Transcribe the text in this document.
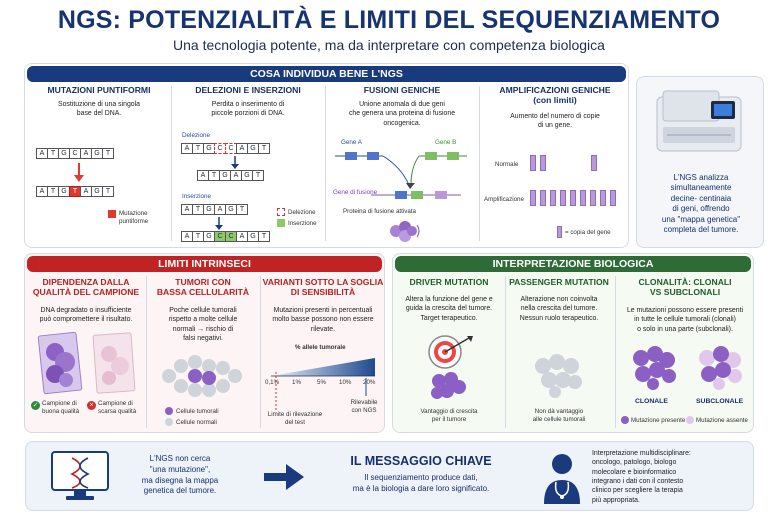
NGS: POTENZIALITÀ E LIMITI DEL SEQUENZIAMENTO
Una tecnologia potente, ma da interpretare con competenza biologica
COSA INDIVIDUA BENE L'NGS
MUTAZIONI PUNTIFORMI
Sostituzione di una singola
base del DNA.
A T G C A G T
A T G T A G T
Mutazione
puntiforme
DELEZIONI E INSERZIONI
Perdita o inserimento di
piccole porzioni di DNA.
Delezione
A T G C C A G T
A T G A G T
Inserzione
A T G A G T
A T G C C A G T
Delezione
Inserzione
FUSIONI GENICHE
Unione anomala di due geni
che genera una proteina di fusione
oncogenica.
Gene A	Gene B
Gene di fusione
Proteina di fusione attivata
AMPLIFICAZIONI GENICHE
(con limiti)
Aumento del numero di copie
di un gene.
Normale
Amplificazione
= copia del gene
L'NGS analizza
simultaneamente
decine- centinaia
di geni, offrendo
una "mappa genetica"
completa del tumore.
LIMITI INTRINSECI
DIPENDENZA DALLA
QUALITÀ DEL CAMPIONE
DNA degradato o insufficiente
può compromettere il risultato.
✓ Campione di
buona qualità
× Campione di
scarsa qualità
TUMORI CON
BASSA CELLULARITÀ
Poche cellule tumorali
rispetto a molte cellule
normali → rischio di
falsi negativi.
Cellule tumorali
Cellule normali
VARIANTI SOTTO LA SOGLIA
DI SENSIBILITÀ
Mutazioni presenti in percentuali
molto basse possono non essere
rilevate.
% allele tumorale
0,1% 1%	5% 10% 20%
Limite di rilevazione
del test
Rilevabile
con NGS
INTERPRETAZIONE BIOLOGICA
DRIVER MUTATION
Altera la funzione del gene e
guida la crescita del tumore.
Target terapeutico.
Vantaggio di crescita
per il tumore
PASSENGER MUTATION
Alterazione non coinvolta
nella crescita del tumore.
Nessun ruolo terapeutico.
Non dà vantaggio
alle cellule tumorali
CLONALITÀ: CLONALI
VS SUBCLONALI
Le mutazioni possono essere presenti
in tutte le cellule tumorali (clonali)
o solo in una parte (subclonali).
CLONALE	SUBCLONALE
Mutazione presente Mutazione assente
L'NGS non cerca
"una mutazione",
ma disegna la mappa
genetica del tumore.
IL MESSAGGIO CHIAVE
Il sequenziamento produce dati,
ma è la biologia a dare loro significato.
Interpretazione multidisciplinare:
oncologo, patologo, biologo
molecolare e bioinformatico
integrano i dati con il contesto
clinico per scegliere la terapia
più appropriata.
